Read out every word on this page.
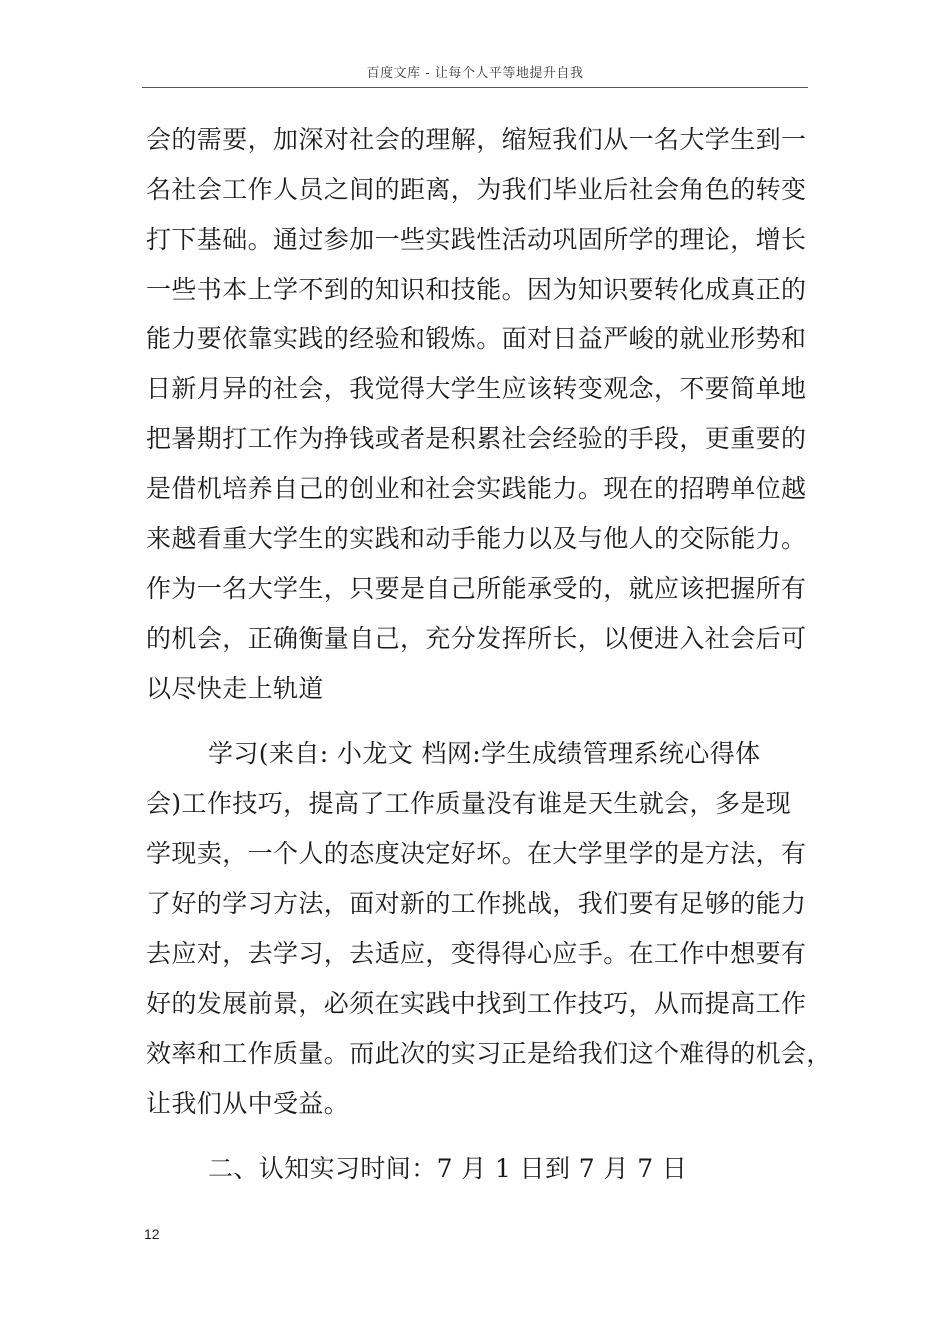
百度文库 - 让每个人平等地提升自我
会的需要，加深对社会的理解，缩短我们从一名大学生到一
名社会工作人员之间的距离，为我们毕业后社会角色的转变
打下基础。通过参加一些实践性活动巩固所学的理论，增长
一些书本上学不到的知识和技能。因为知识要转化成真正的
能力要依靠实践的经验和锻炼。面对日益严峻的就业形势和
日新月异的社会，我觉得大学生应该转变观念，不要简单地
把暑期打工作为挣钱或者是积累社会经验的手段，更重要的
是借机培养自己的创业和社会实践能力。现在的招聘单位越
来越看重大学生的实践和动手能力以及与他人的交际能力。
作为一名大学生，只要是自己所能承受的，就应该把握所有
的机会，正确衡量自己，充分发挥所长，以便进入社会后可
以尽快走上轨道
学习(来自: 小龙文 档网:学生成绩管理系统心得体
会)工作技巧，提高了工作质量没有谁是天生就会，多是现
学现卖，一个人的态度决定好坏。在大学里学的是方法，有
了好的学习方法，面对新的工作挑战，我们要有足够的能力
去应对，去学习，去适应，变得得心应手。在工作中想要有
好的发展前景，必须在实践中找到工作技巧，从而提高工作
效率和工作质量。而此次的实习正是给我们这个难得的机会，
让我们从中受益。
二、认知实习时间：7 月 1 日到 7 月 7 日
12
